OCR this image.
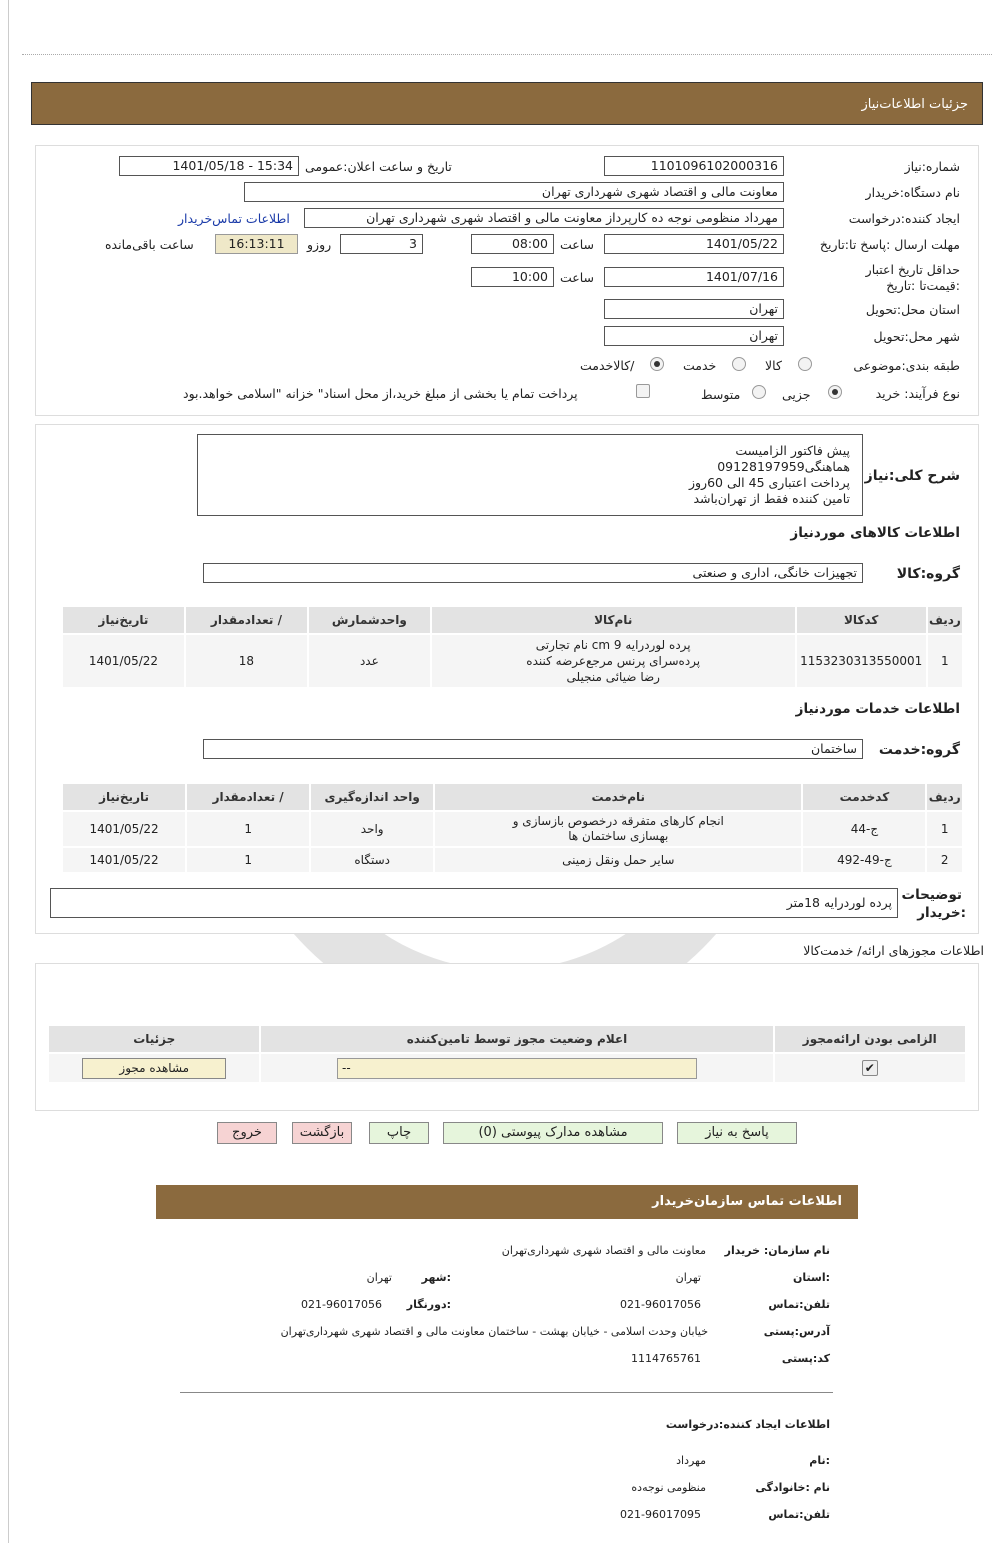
جزئیات اطلاعات‌نیاز
شماره:نیاز
1101096102000316
تاریخ و ساعت اعلان:عمومی
1401/05/18 - 15:34
نام دستگاه:خریدار
معاونت مالی و اقتصاد شهری شهرداری تهران
ایجاد کننده:درخواست
مهرداد منظومی نوجه ده کارپرداز معاونت مالی و اقتصاد شهری شهرداری تهران
اطلاعات تماس‌خریدار
مهلت ارسال :پاسخ تا:تاریخ
1401/05/22
ساعت
08:00
3
روزو
16:13:11
ساعت باقی‌مانده
حداقل تاریخ اعتبار :قیمت‌تا :تاریخ
1401/07/16
ساعت
10:00
استان محل:تحویل
تهران
شهر محل:تحویل
تهران
طبقه بندی:موضوعی
کالا
خدمت
/کالاخدمت
نوع فرآیند: خرید
جزیی
متوسط
پرداخت تمام یا بخشی از مبلغ خرید،از محل اسناد" خزانه "اسلامی خواهد.بود
شرح کلی:نیاز
پیش فاکتور الزامیست
هماهنگی09128197959
پرداخت اعتباری 45 الی 60روز
تامین کننده فقط از تهران‌باشد
اطلاعات کالاهای موردنیاز
گروه:کالا
تجهیزات خانگی، اداری و صنعتی
ردیف	کدکالا	نام‌کالا	واحدشمارش	/ تعدادمقدار	تاریخ‌نیاز
1	1153230313550001	پرده لوردرایه 9 cm نام تجارتی
پرده‌سرای پرنس مرجع‌عرضه کننده
رضا ضیائی منجیلی	عدد	18	1401/05/22
اطلاعات خدمات موردنیاز
گروه:خدمت
ساختمان
ردیف	کدخدمت	نام‌خدمت	واحد اندازه‌گیری	/ تعدادمقدار	تاریخ‌نیاز
1	ج-44	انجام کارهای متفرقه درخصوص بازسازی و
بهسازی ساختمان ها	واحد	1	1401/05/22
2	ج-49-492	سایر حمل ونقل زمینی	دستگاه	1	1401/05/22
توضیحات
:خریدار
پرده لوردرایه 18متر
اطلاعات مجوزهای ارائه/ خدمت‌کالا
الزامی بودن ارائه‌مجوز	اعلام وضعیت مجوز توسط تامین‌کننده	جزئیات
✔	--	مشاهده مجوز
پاسخ به نیاز
مشاهده مدارک پیوستی (0)
چاپ
بازگشت
خروج
اطلاعات تماس سازمان‌خریدار
نام سازمان: خریدار
معاونت مالی و اقتصاد شهری شهرداری‌تهران
:استان
تهران
:شهر
تهران
تلفن:تماس
021-96017056
:دورنگار
021-96017056
آدرس:پستی
خیابان وحدت اسلامی - خیابان بهشت - ساختمان معاونت مالی و اقتصاد شهری شهرداری‌تهران
کد:پستی
1114765761
اطلاعات ایجاد کننده:درخواست
:نام
مهرداد
نام :خانوادگی
منظومی نوجه‌ده
تلفن:تماس
021-96017095
